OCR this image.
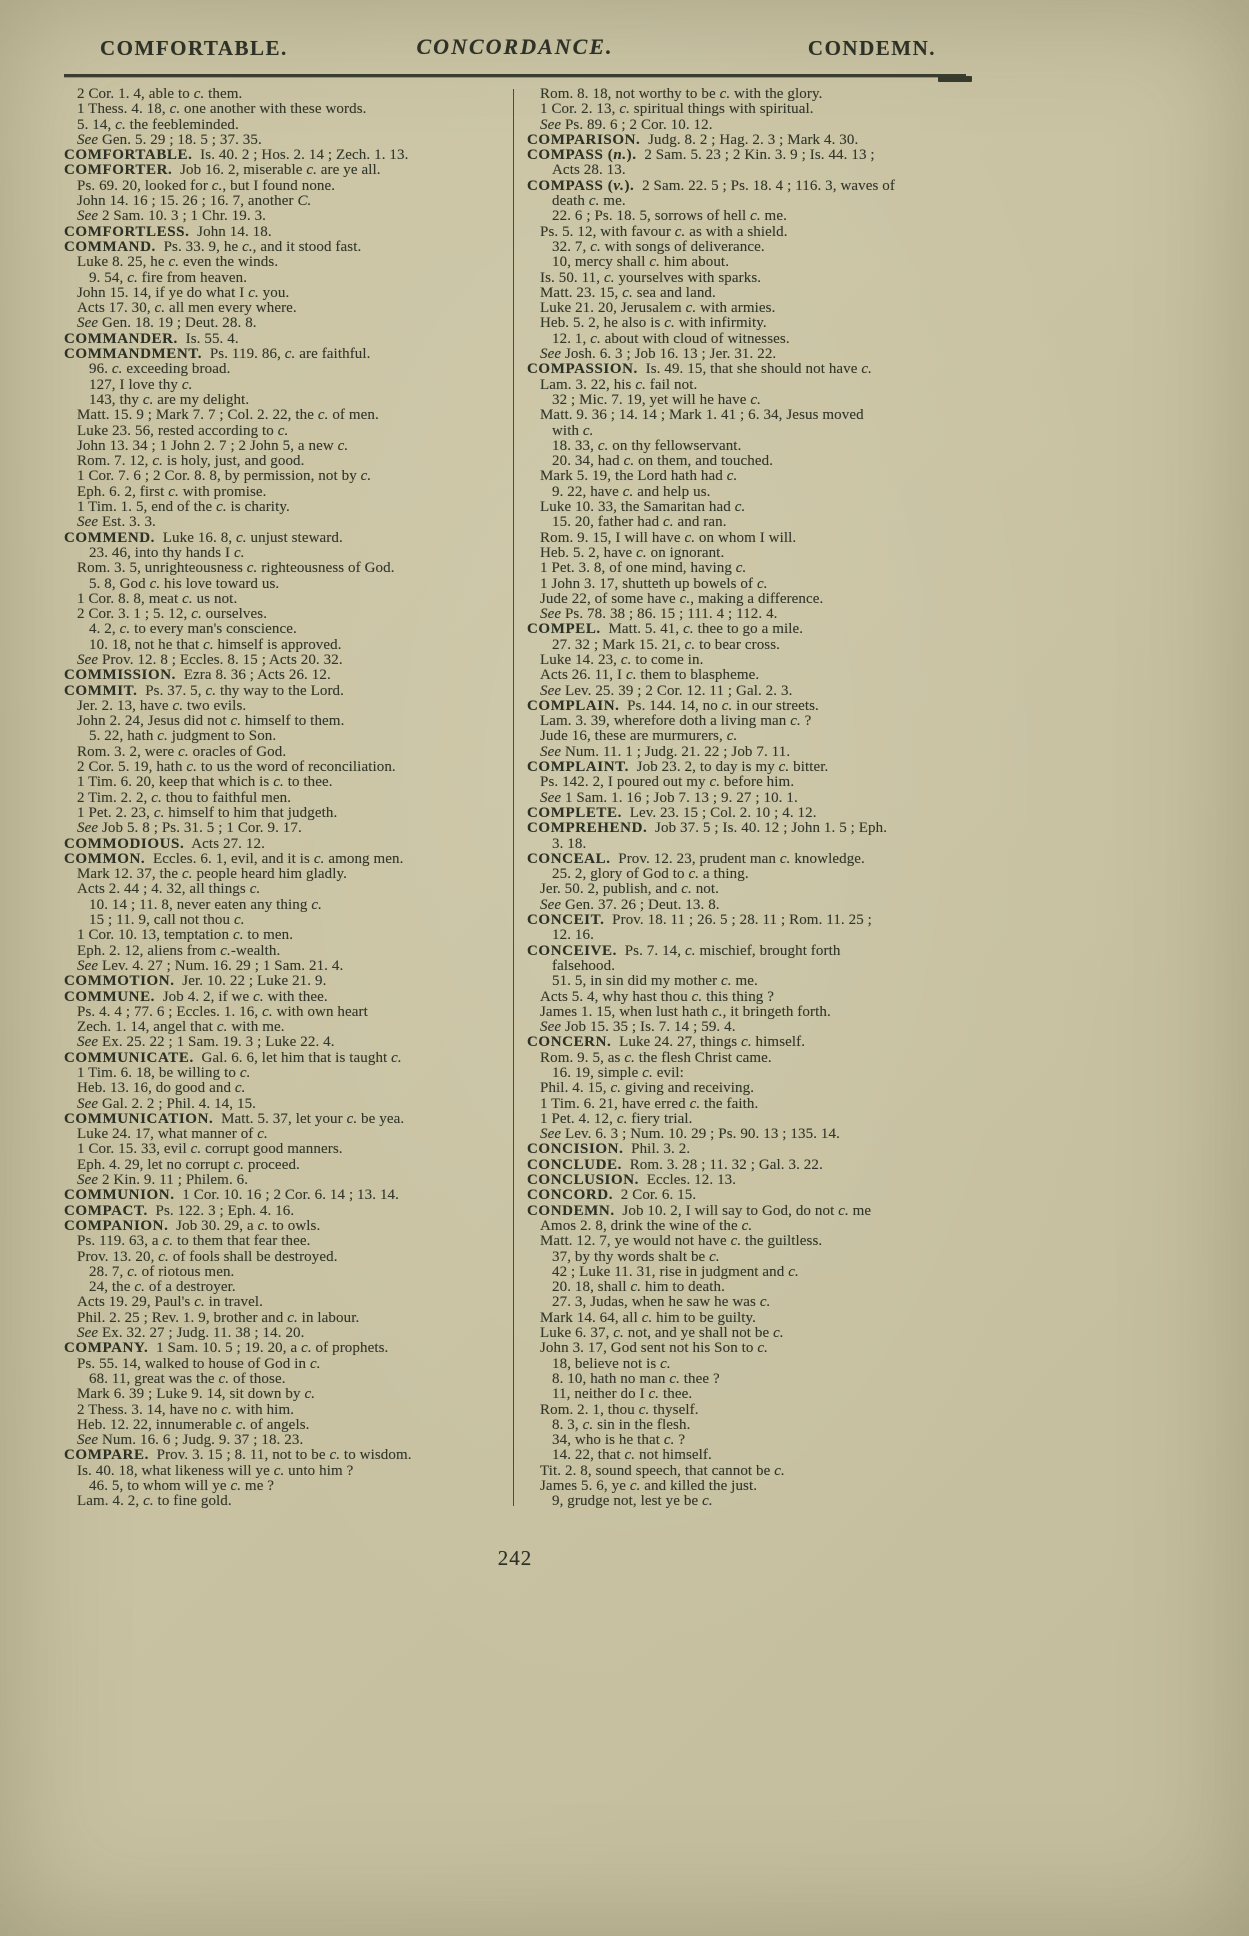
COMFORTABLE.	CONCORDANCE.	CONDEMN.
2 Cor. 1. 4, able to c. them.
1 Thess. 4. 18, c. one another with these words.
5. 14, c. the feebleminded.
See Gen. 5. 29 ; 18. 5 ; 37. 35.
COMFORTABLE.  Is. 40. 2 ; Hos. 2. 14 ; Zech. 1. 13.
COMFORTER.  Job 16. 2, miserable c. are ye all.
Ps. 69. 20, looked for c., but I found none.
John 14. 16 ; 15. 26 ; 16. 7, another C.
See 2 Sam. 10. 3 ; 1 Chr. 19. 3.
COMFORTLESS.  John 14. 18.
COMMAND.  Ps. 33. 9, he c., and it stood fast.
Luke 8. 25, he c. even the winds.
9. 54, c. fire from heaven.
John 15. 14, if ye do what I c. you.
Acts 17. 30, c. all men every where.
See Gen. 18. 19 ; Deut. 28. 8.
COMMANDER.  Is. 55. 4.
COMMANDMENT.  Ps. 119. 86, c. are faithful.
96. c. exceeding broad.
127, I love thy c.
143, thy c. are my delight.
Matt. 15. 9 ; Mark 7. 7 ; Col. 2. 22, the c. of men.
Luke 23. 56, rested according to c.
John 13. 34 ; 1 John 2. 7 ; 2 John 5, a new c.
Rom. 7. 12, c. is holy, just, and good.
1 Cor. 7. 6 ; 2 Cor. 8. 8, by permission, not by c.
Eph. 6. 2, first c. with promise.
1 Tim. 1. 5, end of the c. is charity.
See Est. 3. 3.
COMMEND.  Luke 16. 8, c. unjust steward.
23. 46, into thy hands I c.
Rom. 3. 5, unrighteousness c. righteousness of God.
5. 8, God c. his love toward us.
1 Cor. 8. 8, meat c. us not.
2 Cor. 3. 1 ; 5. 12, c. ourselves.
4. 2, c. to every man's conscience.
10. 18, not he that c. himself is approved.
See Prov. 12. 8 ; Eccles. 8. 15 ; Acts 20. 32.
COMMISSION.  Ezra 8. 36 ; Acts 26. 12.
COMMIT.  Ps. 37. 5, c. thy way to the Lord.
Jer. 2. 13, have c. two evils.
John 2. 24, Jesus did not c. himself to them.
5. 22, hath c. judgment to Son.
Rom. 3. 2, were c. oracles of God.
2 Cor. 5. 19, hath c. to us the word of reconciliation.
1 Tim. 6. 20, keep that which is c. to thee.
2 Tim. 2. 2, c. thou to faithful men.
1 Pet. 2. 23, c. himself to him that judgeth.
See Job 5. 8 ; Ps. 31. 5 ; 1 Cor. 9. 17.
COMMODIOUS.  Acts 27. 12.
COMMON.  Eccles. 6. 1, evil, and it is c. among men.
Mark 12. 37, the c. people heard him gladly.
Acts 2. 44 ; 4. 32, all things c.
10. 14 ; 11. 8, never eaten any thing c.
15 ; 11. 9, call not thou c.
1 Cor. 10. 13, temptation c. to men.
Eph. 2. 12, aliens from c.-wealth.
See Lev. 4. 27 ; Num. 16. 29 ; 1 Sam. 21. 4.
COMMOTION.  Jer. 10. 22 ; Luke 21. 9.
COMMUNE.  Job 4. 2, if we c. with thee.
Ps. 4. 4 ; 77. 6 ; Eccles. 1. 16, c. with own heart
Zech. 1. 14, angel that c. with me.
See Ex. 25. 22 ; 1 Sam. 19. 3 ; Luke 22. 4.
COMMUNICATE.  Gal. 6. 6, let him that is taught c.
1 Tim. 6. 18, be willing to c.
Heb. 13. 16, do good and c.
See Gal. 2. 2 ; Phil. 4. 14, 15.
COMMUNICATION.  Matt. 5. 37, let your c. be yea.
Luke 24. 17, what manner of c.
1 Cor. 15. 33, evil c. corrupt good manners.
Eph. 4. 29, let no corrupt c. proceed.
See 2 Kin. 9. 11 ; Philem. 6.
COMMUNION.  1 Cor. 10. 16 ; 2 Cor. 6. 14 ; 13. 14.
COMPACT.  Ps. 122. 3 ; Eph. 4. 16.
COMPANION.  Job 30. 29, a c. to owls.
Ps. 119. 63, a c. to them that fear thee.
Prov. 13. 20, c. of fools shall be destroyed.
28. 7, c. of riotous men.
24, the c. of a destroyer.
Acts 19. 29, Paul's c. in travel.
Phil. 2. 25 ; Rev. 1. 9, brother and c. in labour.
See Ex. 32. 27 ; Judg. 11. 38 ; 14. 20.
COMPANY.  1 Sam. 10. 5 ; 19. 20, a c. of prophets.
Ps. 55. 14, walked to house of God in c.
68. 11, great was the c. of those.
Mark 6. 39 ; Luke 9. 14, sit down by c.
2 Thess. 3. 14, have no c. with him.
Heb. 12. 22, innumerable c. of angels.
See Num. 16. 6 ; Judg. 9. 37 ; 18. 23.
COMPARE.  Prov. 3. 15 ; 8. 11, not to be c. to wisdom.
Is. 40. 18, what likeness will ye c. unto him ?
46. 5, to whom will ye c. me ?
Lam. 4. 2, c. to fine gold.
Rom. 8. 18, not worthy to be c. with the glory.
1 Cor. 2. 13, c. spiritual things with spiritual.
See Ps. 89. 6 ; 2 Cor. 10. 12.
COMPARISON.  Judg. 8. 2 ; Hag. 2. 3 ; Mark 4. 30.
COMPASS (n.).  2 Sam. 5. 23 ; 2 Kin. 3. 9 ; Is. 44. 13 ;
Acts 28. 13.
COMPASS (v.).  2 Sam. 22. 5 ; Ps. 18. 4 ; 116. 3, waves of
death c. me.
22. 6 ; Ps. 18. 5, sorrows of hell c. me.
Ps. 5. 12, with favour c. as with a shield.
32. 7, c. with songs of deliverance.
10, mercy shall c. him about.
Is. 50. 11, c. yourselves with sparks.
Matt. 23. 15, c. sea and land.
Luke 21. 20, Jerusalem c. with armies.
Heb. 5. 2, he also is c. with infirmity.
12. 1, c. about with cloud of witnesses.
See Josh. 6. 3 ; Job 16. 13 ; Jer. 31. 22.
COMPASSION.  Is. 49. 15, that she should not have c.
Lam. 3. 22, his c. fail not.
32 ; Mic. 7. 19, yet will he have c.
Matt. 9. 36 ; 14. 14 ; Mark 1. 41 ; 6. 34, Jesus moved
with c.
18. 33, c. on thy fellowservant.
20. 34, had c. on them, and touched.
Mark 5. 19, the Lord hath had c.
9. 22, have c. and help us.
Luke 10. 33, the Samaritan had c.
15. 20, father had c. and ran.
Rom. 9. 15, I will have c. on whom I will.
Heb. 5. 2, have c. on ignorant.
1 Pet. 3. 8, of one mind, having c.
1 John 3. 17, shutteth up bowels of c.
Jude 22, of some have c., making a difference.
See Ps. 78. 38 ; 86. 15 ; 111. 4 ; 112. 4.
COMPEL.  Matt. 5. 41, c. thee to go a mile.
27. 32 ; Mark 15. 21, c. to bear cross.
Luke 14. 23, c. to come in.
Acts 26. 11, I c. them to blaspheme.
See Lev. 25. 39 ; 2 Cor. 12. 11 ; Gal. 2. 3.
COMPLAIN.  Ps. 144. 14, no c. in our streets.
Lam. 3. 39, wherefore doth a living man c. ?
Jude 16, these are murmurers, c.
See Num. 11. 1 ; Judg. 21. 22 ; Job 7. 11.
COMPLAINT.  Job 23. 2, to day is my c. bitter.
Ps. 142. 2, I poured out my c. before him.
See 1 Sam. 1. 16 ; Job 7. 13 ; 9. 27 ; 10. 1.
COMPLETE.  Lev. 23. 15 ; Col. 2. 10 ; 4. 12.
COMPREHEND.  Job 37. 5 ; Is. 40. 12 ; John 1. 5 ; Eph.
3. 18.
CONCEAL.  Prov. 12. 23, prudent man c. knowledge.
25. 2, glory of God to c. a thing.
Jer. 50. 2, publish, and c. not.
See Gen. 37. 26 ; Deut. 13. 8.
CONCEIT.  Prov. 18. 11 ; 26. 5 ; 28. 11 ; Rom. 11. 25 ;
12. 16.
CONCEIVE.  Ps. 7. 14, c. mischief, brought forth
falsehood.
51. 5, in sin did my mother c. me.
Acts 5. 4, why hast thou c. this thing ?
James 1. 15, when lust hath c., it bringeth forth.
See Job 15. 35 ; Is. 7. 14 ; 59. 4.
CONCERN.  Luke 24. 27, things c. himself.
Rom. 9. 5, as c. the flesh Christ came.
16. 19, simple c. evil:
Phil. 4. 15, c. giving and receiving.
1 Tim. 6. 21, have erred c. the faith.
1 Pet. 4. 12, c. fiery trial.
See Lev. 6. 3 ; Num. 10. 29 ; Ps. 90. 13 ; 135. 14.
CONCISION.  Phil. 3. 2.
CONCLUDE.  Rom. 3. 28 ; 11. 32 ; Gal. 3. 22.
CONCLUSION.  Eccles. 12. 13.
CONCORD.  2 Cor. 6. 15.
CONDEMN.  Job 10. 2, I will say to God, do not c. me
Amos 2. 8, drink the wine of the c.
Matt. 12. 7, ye would not have c. the guiltless.
37, by thy words shalt be c.
42 ; Luke 11. 31, rise in judgment and c.
20. 18, shall c. him to death.
27. 3, Judas, when he saw he was c.
Mark 14. 64, all c. him to be guilty.
Luke 6. 37, c. not, and ye shall not be c.
John 3. 17, God sent not his Son to c.
18, believe not is c.
8. 10, hath no man c. thee ?
11, neither do I c. thee.
Rom. 2. 1, thou c. thyself.
8. 3, c. sin in the flesh.
34, who is he that c. ?
14. 22, that c. not himself.
Tit. 2. 8, sound speech, that cannot be c.
James 5. 6, ye c. and killed the just.
9, grudge not, lest ye be c.
242
